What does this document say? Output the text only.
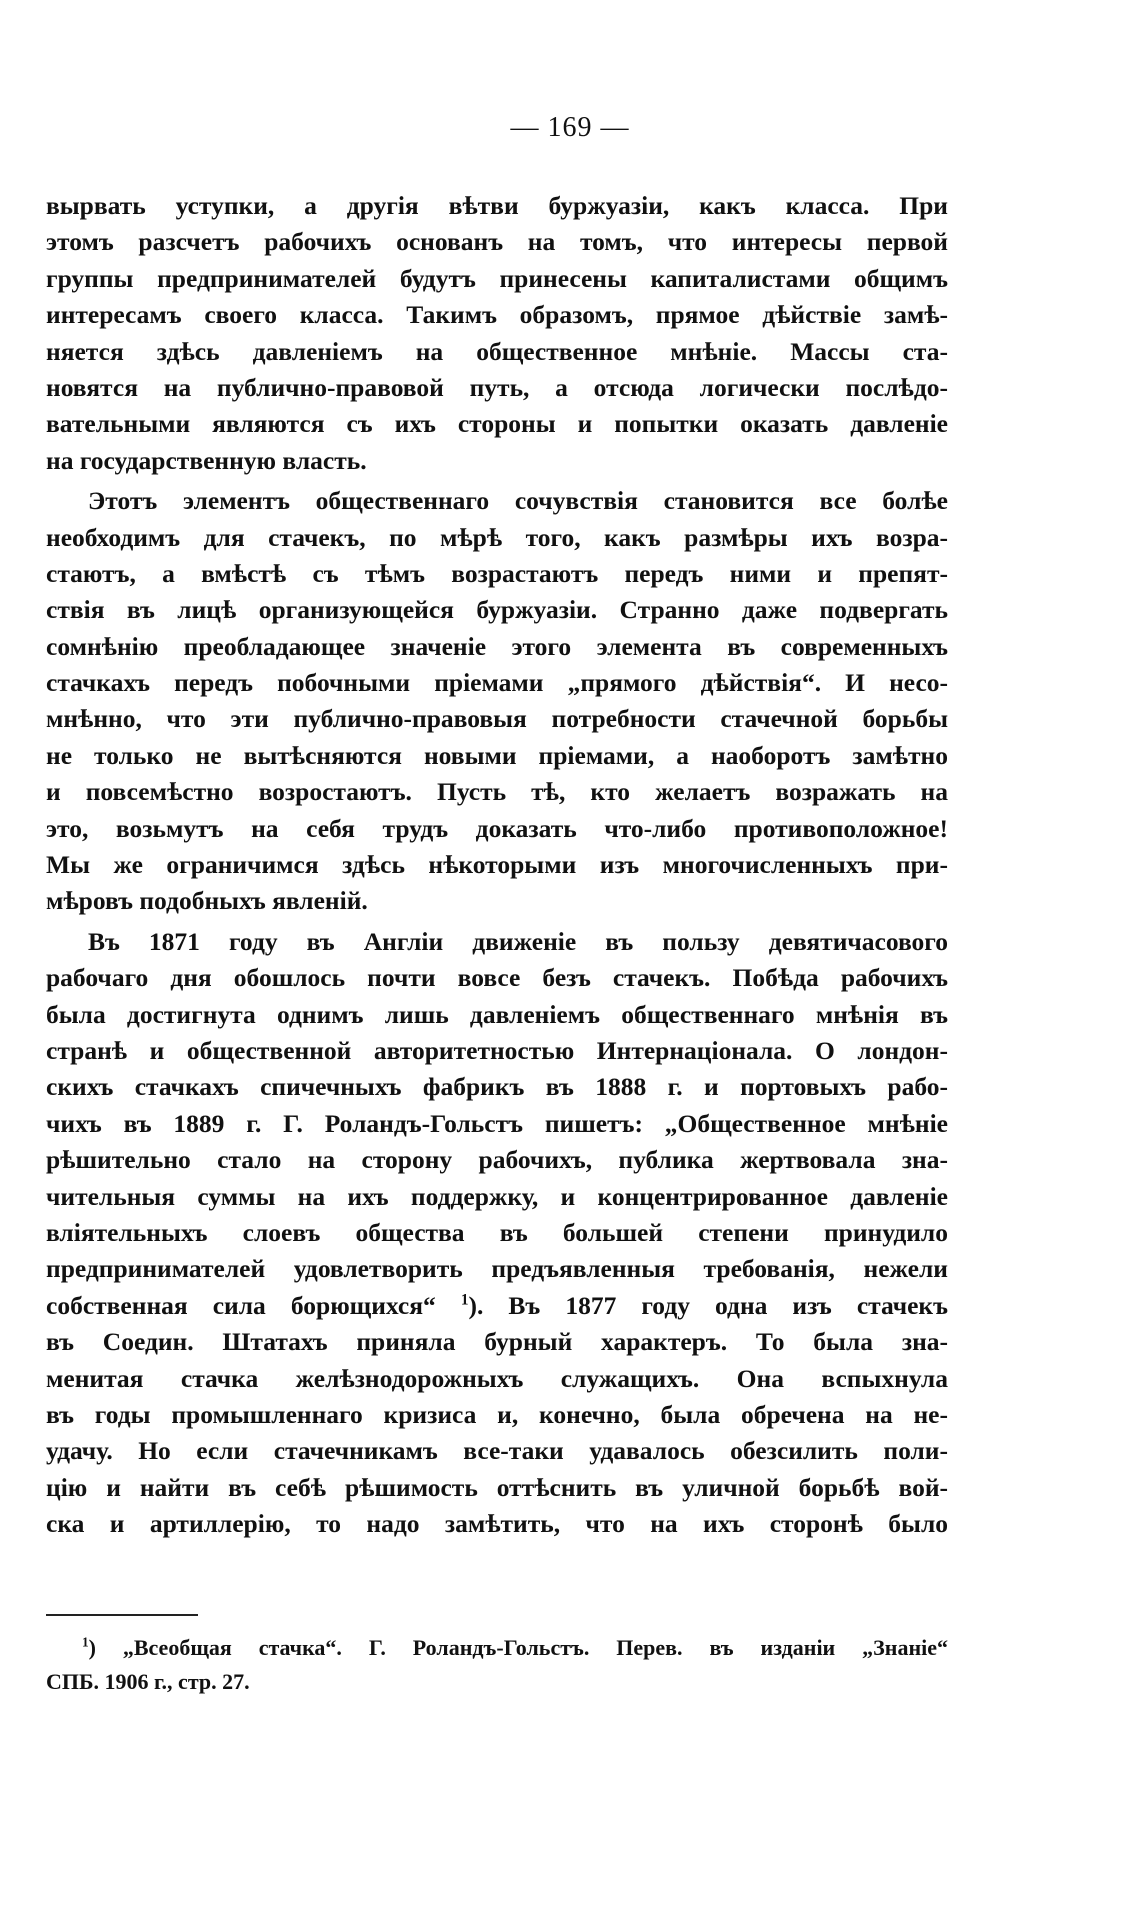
— 169 —
вырвать уступки, а другія вѣтви буржуазіи, какъ класса. При
этомъ разсчетъ рабочихъ основанъ на томъ, что интересы первой
группы предпринимателей будутъ принесены капиталистами общимъ
интересамъ своего класса. Такимъ образомъ, прямое дѣйствіе замѣ-
няется здѣсь давленіемъ на общественное мнѣніе. Массы ста-
новятся на публично-правовой путь, а отсюда логически послѣдо-
вательными являются съ ихъ стороны и попытки оказать давленіе
на государственную власть.
Этотъ элементъ общественнаго сочувствія становится все болѣе
необходимъ для стачекъ, по мѣрѣ того, какъ размѣры ихъ возра-
стаютъ, а вмѣстѣ съ тѣмъ возрастаютъ передъ ними и препят-
ствія въ лицѣ организующейся буржуазіи. Странно даже подвергать
сомнѣнію преобладающее значеніе этого элемента въ современныхъ
стачкахъ передъ побочными пріемами „прямого дѣйствія“. И несо-
мнѣнно, что эти публично-правовыя потребности стачечной борьбы
не только не вытѣсняются новыми пріемами, а наоборотъ замѣтно
и повсемѣстно возростаютъ. Пусть тѣ, кто желаетъ возражать на
это, возьмутъ на себя трудъ доказать что-либо противоположное!
Мы же ограничимся здѣсь нѣкоторыми изъ многочисленныхъ при-
мѣровъ подобныхъ явленій.
Въ 1871 году въ Англіи движеніе въ пользу девятичасового
рабочаго дня обошлось почти вовсе безъ стачекъ. Побѣда рабочихъ
была достигнута однимъ лишь давленіемъ общественнаго мнѣнія въ
странѣ и общественной авторитетностью Интернаціонала. О лондон-
скихъ стачкахъ спичечныхъ фабрикъ въ 1888 г. и портовыхъ рабо-
чихъ въ 1889 г. Г. Роландъ-Гольстъ пишетъ: „Общественное мнѣніе
рѣшительно стало на сторону рабочихъ, публика жертвовала зна-
чительныя суммы на ихъ поддержку, и концентрированное давленіе
вліятельныхъ слоевъ общества въ большей степени принудило
предпринимателей удовлетворить предъявленныя требованія, нежели
собственная сила борющихся“ $^1$). Въ 1877 году одна изъ стачекъ
въ Соедин. Штатахъ приняла бурный характеръ. То была зна-
менитая стачка желѣзнодорожныхъ служащихъ. Она вспыхнула
въ годы промышленнаго кризиса и, конечно, была обречена на не-
удачу. Но если стачечникамъ все-таки удавалось обезсилить поли-
цію и найти въ себѣ рѣшимость оттѣснить въ уличной борьбѣ вой-
ска и артиллерію, то надо замѣтить, что на ихъ сторонѣ было
$^1$) „Всеобщая стачка“. Г. Роландъ-Гольстъ. Перев. въ изданіи „Знаніе“
СПБ. 1906 г., стр. 27.
